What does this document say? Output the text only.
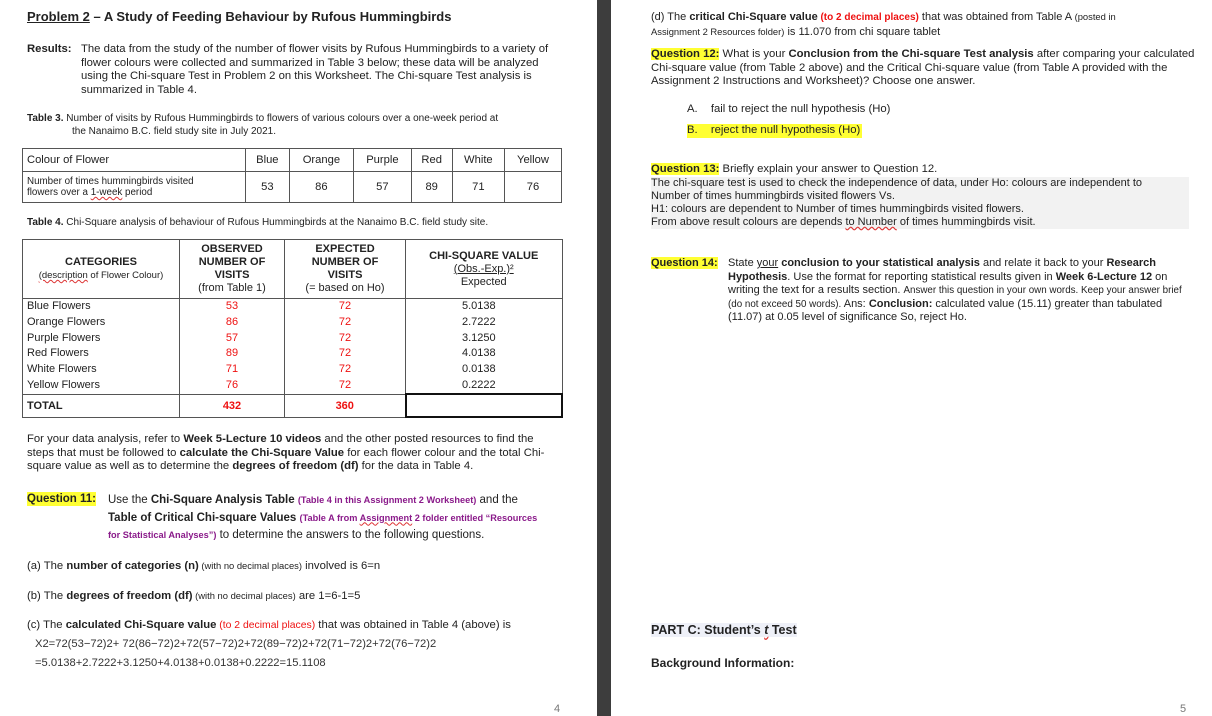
Problem 2 – A Study of Feeding Behaviour by Rufous Hummingbirds
Results: The data from the study of the number of flower visits by Rufous Hummingbirds to a variety of flower colours were collected and summarized in Table 3 below; these data will be analyzed using the Chi-square Test in Problem 2 on this Worksheet. The Chi-square Test analysis is summarized in Table 4.
Table 3. Number of visits by Rufous Hummingbirds to flowers of various colours over a one-week period at
the Nanaimo B.C. field study site in July 2021.
Colour of Flower	Blue	Orange	Purple	Red	White	Yellow
Number of times hummingbirds visited
flowers over a 1-week period	53	86	57	89	71	76
Table 4. Chi-Square analysis of behaviour of Rufous Hummingbirds at the Nanaimo B.C. field study site.
CATEGORIES
(description of Flower Colour)	OBSERVED
NUMBER OF
VISITS
(from Table 1)	EXPECTED
NUMBER OF
VISITS
(= based on Ho)	CHI-SQUARE VALUE
(Obs.-Exp.)²
Expected
Blue Flowers	53	72	5.0138
Orange Flowers	86	72	2.7222
Purple Flowers	57	72	3.1250
Red Flowers	89	72	4.0138
White Flowers	71	72	0.0138
Yellow Flowers	76	72	0.2222
TOTAL	432	360	
For your data analysis, refer to Week 5-Lecture 10 videos and the other posted resources to find the steps that must be followed to calculate the Chi-Square Value for each flower colour and the total Chi-square value as well as to determine the degrees of freedom (df) for the data in Table 4.
Question 11: Use the Chi-Square Analysis Table (Table 4 in this Assignment 2 Worksheet) and the
Table of Critical Chi-square Values (Table A from Assignment 2 folder entitled “Resources
for Statistical Analyses”) to determine the answers to the following questions.
(a) The number of categories (n) (with no decimal places) involved is 6=n
(b) The degrees of freedom (df) (with no decimal places) are 1=6-1=5
(c) The calculated Chi-Square value (to 2 decimal places) that was obtained in Table 4 (above) is
X2=72(53−72)2+ 72(86−72)2+72(57−72)2+72(89−72)2+72(71−72)2+72(76−72)2
=5.0138+2.7222+3.1250+4.0138+0.0138+0.2222=15.1108
4
(d) The critical Chi-Square value (to 2 decimal places) that was obtained from Table A (posted in
Assignment 2 Resources folder) is 11.070 from chi square tablet
Question 12: What is your Conclusion from the Chi-square Test analysis after comparing your calculated Chi-square value (from Table 2 above) and the Critical Chi-square value (from Table A provided with the Assignment 2 Instructions and Worksheet)? Choose one answer.
A. fail to reject the null hypothesis (Ho)
B. reject the null hypothesis (Ho)
Question 13: Briefly explain your answer to Question 12.
The chi-square test is used to check the independence of data, under Ho: colours are independent to
Number of times hummingbirds visited flowers Vs.
H1: colours are dependent to Number of times hummingbirds visited flowers.
From above result colours are depends to Number of times hummingbirds visit.
Question 14: State your conclusion to your statistical analysis and relate it back to your Research Hypothesis. Use the format for reporting statistical results given in Week 6-Lecture 12 on writing the text for a results section. Answer this question in your own words. Keep your answer brief (do not exceed 50 words). Ans: Conclusion: calculated value (15.11) greater than tabulated (11.07) at 0.05 level of significance So, reject Ho.
PART C: Student’s t Test
Background Information:
5
